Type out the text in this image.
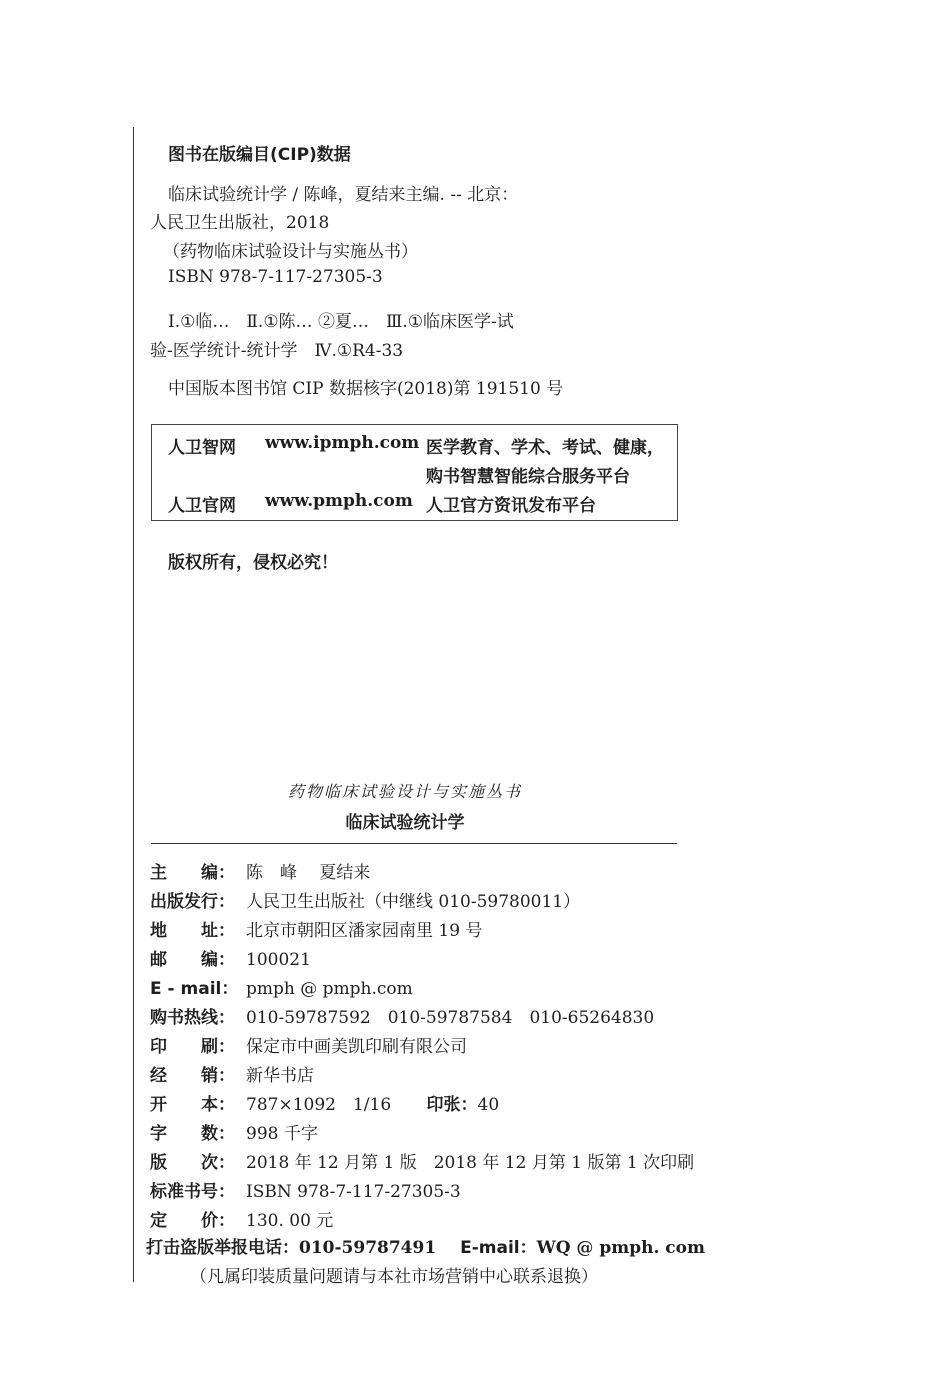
图书在版编目(CIP)数据
临床试验统计学 / 陈峰，夏结来主编. -- 北京：
人民卫生出版社，2018
（药物临床试验设计与实施丛书）
ISBN 978-7-117-27305-3
Ⅰ.①临…　Ⅱ.①陈… ②夏…　Ⅲ.①临床医学-试
验-医学统计-统计学　Ⅳ.①R4-33
中国版本图书馆 CIP 数据核字(2018)第 191510 号
人卫智网 www.ipmph.com 医学教育、学术、考试、健康，
购书智慧智能综合服务平台
人卫官网 www.pmph.com 人卫官方资讯发布平台
版权所有，侵权必究！
药物临床试验设计与实施丛书
临床试验统计学
主　　编： 陈　峰　 夏结来
出版发行： 人民卫生出版社（中继线 010-59780011）
地　　址： 北京市朝阳区潘家园南里 19 号
邮　　编： 100021
E - mail： pmph @ pmph.com
购书热线： 010-59787592　010-59787584　010-65264830
印　　刷： 保定市中画美凯印刷有限公司
经　　销： 新华书店
开　　本： 787×1092　1/16 印张：40
字　　数： 998 千字
版　　次： 2018 年 12 月第 1 版　2018 年 12 月第 1 版第 1 次印刷
标准书号： ISBN 978-7-117-27305-3
定　　价： 130. 00 元
打击盗版举报电话：010-59787491 E-mail：WQ @ pmph. com
（凡属印装质量问题请与本社市场营销中心联系退换）
